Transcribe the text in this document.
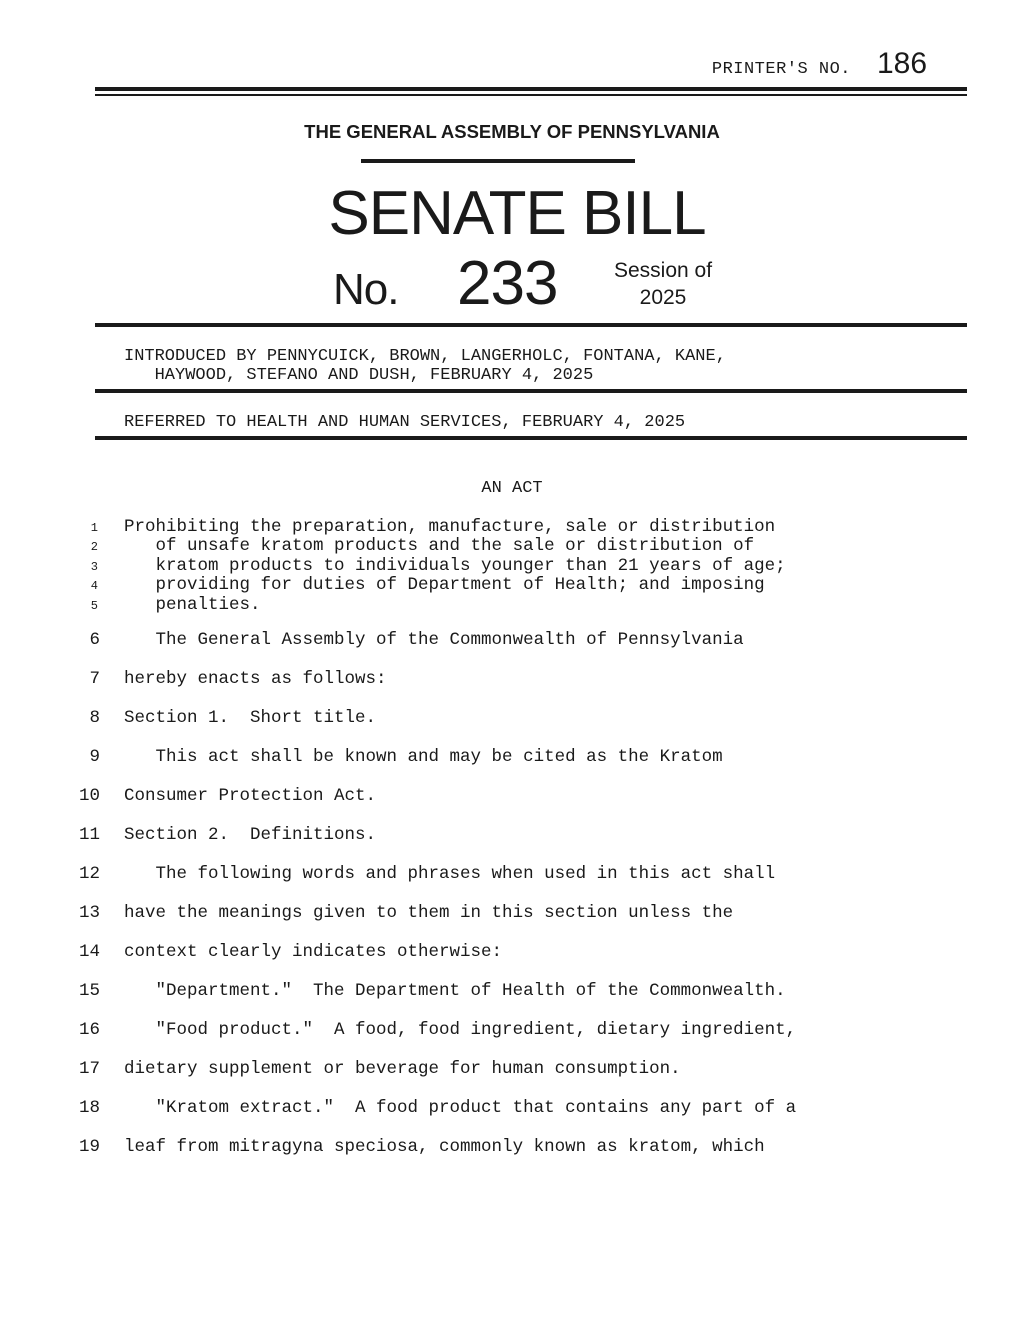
PRINTER'S NO. 186
THE GENERAL ASSEMBLY OF PENNSYLVANIA
SENATE BILL
No. 233	Session of
2025
INTRODUCED BY PENNYCUICK, BROWN, LANGERHOLC, FONTANA, KANE,
HAYWOOD, STEFANO AND DUSH, FEBRUARY 4, 2025
REFERRED TO HEALTH AND HUMAN SERVICES, FEBRUARY 4, 2025
AN ACT
1 Prohibiting the preparation, manufacture, sale or distribution
2 of unsafe kratom products and the sale or distribution of
3 kratom products to individuals younger than 21 years of age;
4 providing for duties of Department of Health; and imposing
5 penalties.
6 The General Assembly of the Commonwealth of Pennsylvania
7 hereby enacts as follows:
8 Section 1.  Short title.
9 This act shall be known and may be cited as the Kratom
10 Consumer Protection Act.
11 Section 2.  Definitions.
12 The following words and phrases when used in this act shall
13 have the meanings given to them in this section unless the
14 context clearly indicates otherwise:
15 "Department."  The Department of Health of the Commonwealth.
16 "Food product."  A food, food ingredient, dietary ingredient,
17 dietary supplement or beverage for human consumption.
18 "Kratom extract."  A food product that contains any part of a
19 leaf from mitragyna speciosa, commonly known as kratom, which
